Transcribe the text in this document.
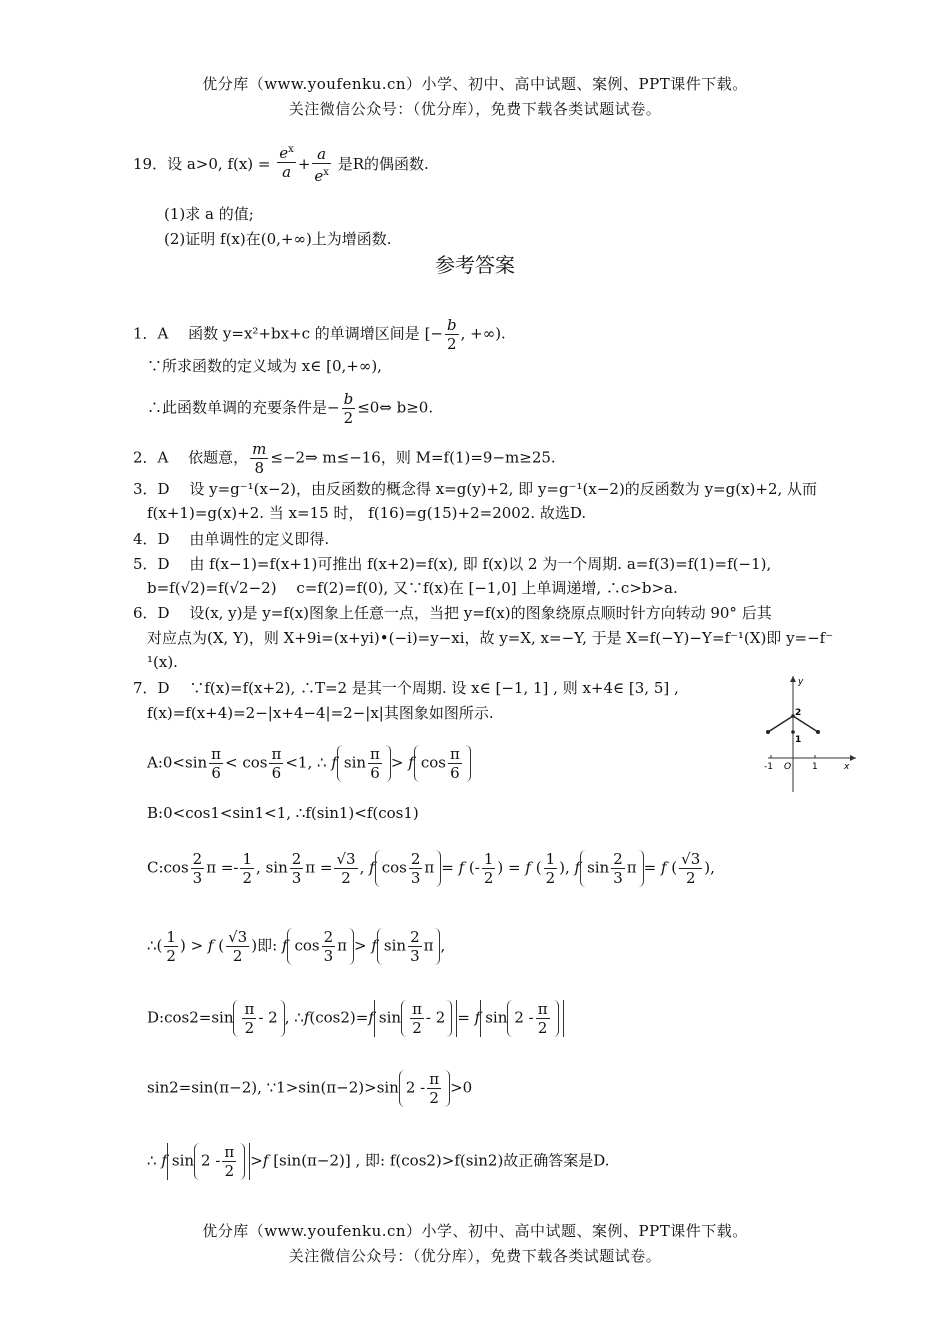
优分库（www.youfenku.cn）小学、初中、高中试题、案例、PPT课件下载。
关注微信公众号：（优分库），免费下载各类试题试卷。
19．设 a>0, $f(x) = \frac{e^x}{a} + \frac{a}{e^x}$ 是R的偶函数.
(1)求 a 的值;
(2)证明 f(x)在(0,+∞)上为增函数.
参考答案
1．A　 函数 y=x²+bx+c 的单调增区间是 [− $\frac{b}{2}$ , +∞).
∵所求函数的定义域为 x∈ [0,+∞),
∴此函数单调的充要条件是− $\frac{b}{2}$ ≤0⇔ b≥0.
2．A　 依题意， $\frac{m}{8}$ ≤−2⇒ m≤−16，则 M=f(1)=9−m≥25.
3．D　 设 y=g⁻¹(x−2)，由反函数的概念得 x=g(y)+2, 即 y=g⁻¹(x−2)的反函数为 y=g(x)+2, 从而
f(x+1)=g(x)+2. 当 x=15 时， f(16)=g(15)+2=2002. 故选D.
4．D　 由单调性的定义即得.
5．D　 由 f(x−1)=f(x+1)可推出 f(x+2)=f(x), 即 f(x)以 2 为一个周期. a=f(3)=f(1)=f(−1),
b=f(√2)=f(√2−2)　 c=f(2)=f(0), 又∵f(x)在 [−1,0] 上单调递增, ∴c>b>a.
6．D　 设(x, y)是 y=f(x)图象上任意一点，当把 y=f(x)的图象绕原点顺时针方向转动 90° 后其
对应点为(X, Y)，则 X+9i=(x+yi)•(−i)=y−xi，故 y=X, x=−Y, 于是 X=f(−Y)−Y=f⁻¹(X)即 y=−f⁻
¹(x).
7．D　 ∵f(x)=f(x+2), ∴T=2 是其一个周期. 设 x∈ [−1, 1] , 则 x+4∈ [3, 5] ,
f(x)=f(x+4)=2−|x+4−4|=2−|x|其图象如图所示.
A:0<sin $\frac{\pi}{6} < \cos \frac{\pi}{6} <1$, ∴ f $\sin \frac{\pi}{6} > f$ $\cos \frac{\pi}{6}$
B:0<cos1<sin1<1, ∴f(sin1)<f(cos1)
C:cos $\frac{2}{3}$ $\pi =- \frac{1}{2}$ , $\sin \frac{2}{3}$ $\pi = \frac{√3}{2}$ , f $\cos \frac{2}{3}$ π = f (- $\frac{1}{2}$ ) = f ( $\frac{1}{2}$ ), f $\sin \frac{2}{3}$ π = f ( $\frac{√3}{2}$ ),
∴( $\frac{1}{2}$ ) > f ( $\frac{√3}{2}$ )即: f $\cos \frac{2}{3}$ π > f $\sin \frac{2}{3}$ π ,
D:cos2=sin $\frac{\pi}{2} - 2$ , ∴f(cos2)=f $\sin \frac{\pi}{2} - 2 = f$ $\sin 2 - \frac{\pi}{2}$
sin2=sin(π−2), ∵1>sin(π−2)>sin $2 - \frac{\pi}{2} >0$
∴ f $\sin 2 - \frac{\pi}{2} >f$ [sin(π−2)] , 即: f(cos2)>f(sin2)故正确答案是D.
y
x
2
1
-1 O 1
优分库（www.youfenku.cn）小学、初中、高中试题、案例、PPT课件下载。
关注微信公众号：（优分库），免费下载各类试题试卷。
